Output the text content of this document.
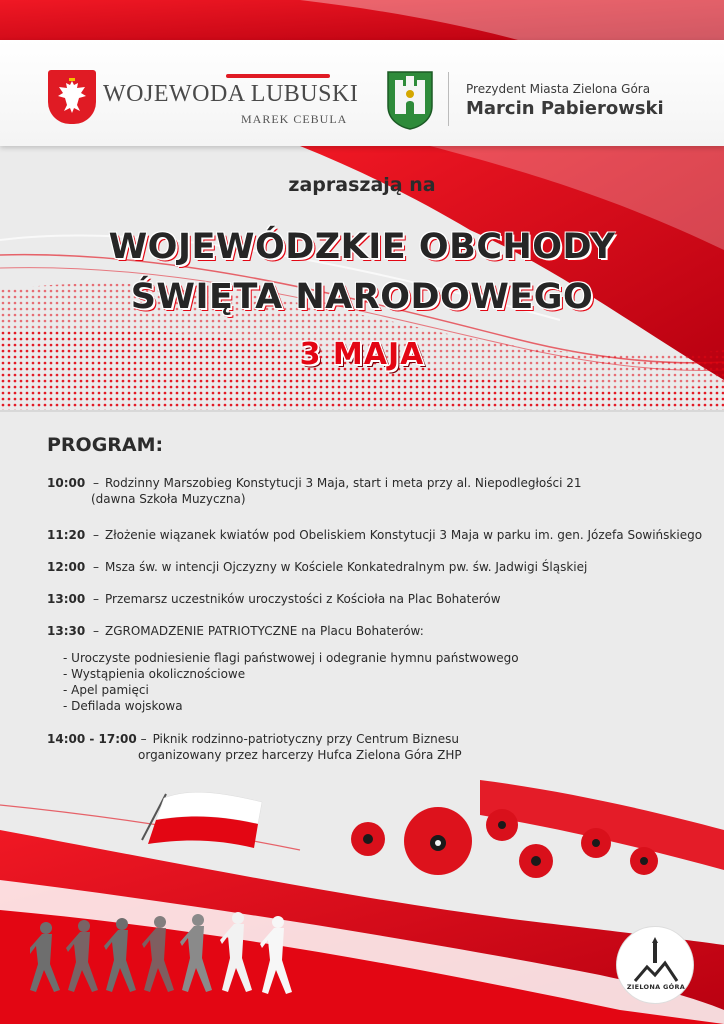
WOJEWODA LUBUSKI
MAREK CEBULA
Prezydent Miasta Zielona Góra
Marcin Pabierowski
zapraszają na
WOJEWÓDZKIE OBCHODY
ŚWIĘTA NARODOWEGO
3 MAJA
PROGRAM:
10:00 – Rodzinny Marszobieg Konstytucji 3 Maja, start i meta przy al. Niepodległości 21
(dawna Szkoła Muzyczna)
11:20 – Złożenie wiązanek kwiatów pod Obeliskiem Konstytucji 3 Maja w parku im. gen. Józefa Sowińskiego
12:00 – Msza św. w intencji Ojczyzny w Kościele Konkatedralnym pw. św. Jadwigi Śląskiej
13:00 – Przemarsz uczestników uroczystości z Kościoła na Plac Bohaterów
13:30 – ZGROMADZENIE PATRIOTYCZNE na Placu Bohaterów:
- Uroczyste podniesienie flagi państwowej i odegranie hymnu państwowego
- Wystąpienia okolicznościowe
- Apel pamięci
- Defilada wojskowa
14:00 - 17:00 – Piknik rodzinno-patriotyczny przy Centrum Biznesu
organizowany przez harcerzy Hufca Zielona Góra ZHP
ZIELONA GÓRA
